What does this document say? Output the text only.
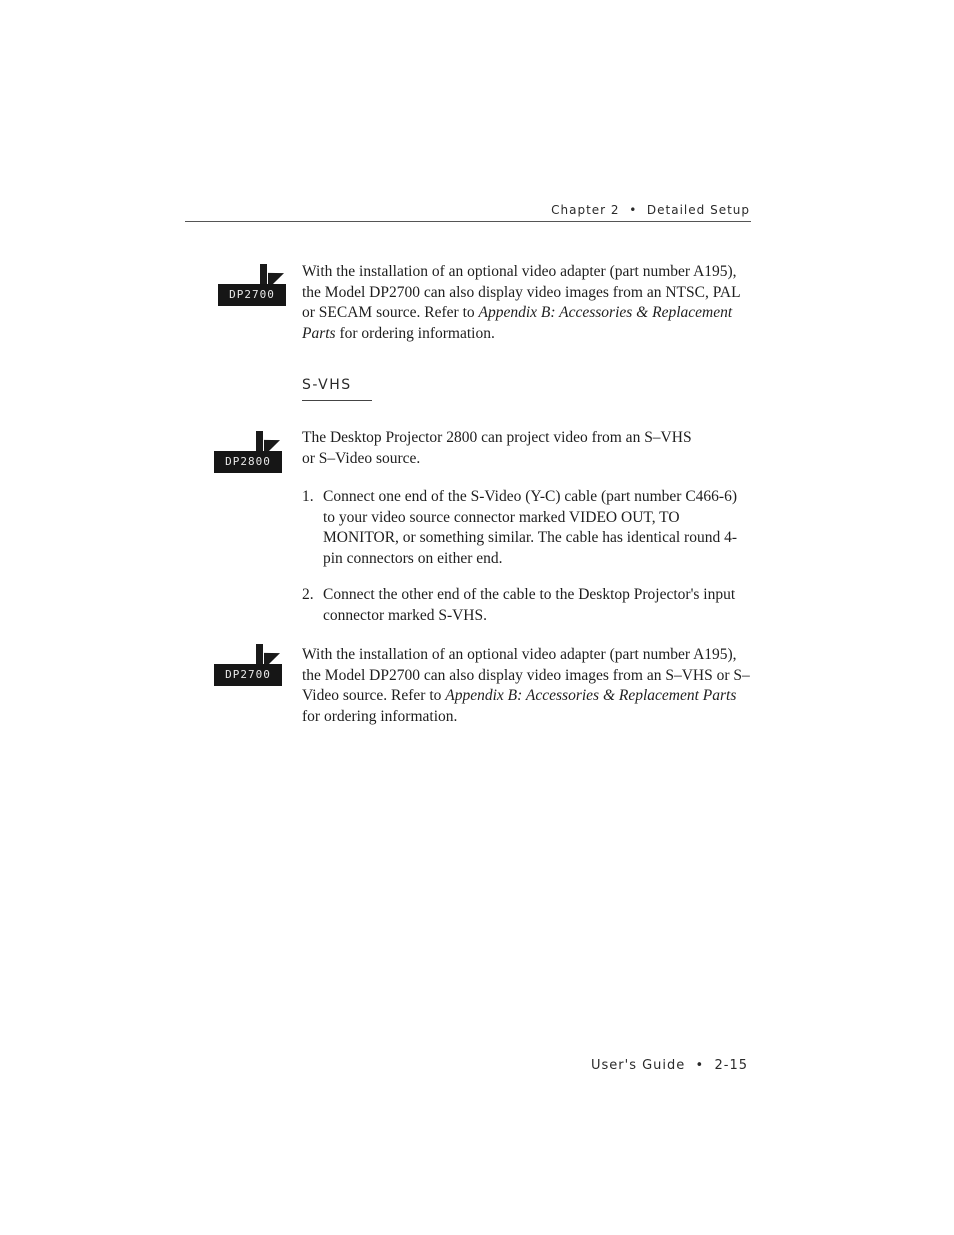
Chapter 2 • Detailed Setup
DP2700
With the installation of an optional video adapter (part number A195), the Model DP2700 can also display video images from an NTSC, PAL or SECAM source. Refer to Appendix B: Accessories & Replacement Parts for ordering information.
S-VHS
DP2800
The Desktop Projector 2800 can project video from an S–VHS or S–Video source.
1. Connect one end of the S-Video (Y-C) cable (part number C466-6) to your video source connector marked VIDEO OUT, TO MONITOR, or something similar. The cable has identical round 4-pin connectors on either end.
2. Connect the other end of the cable to the Desktop Projector's input connector marked S-VHS.
DP2700
With the installation of an optional video adapter (part number A195), the Model DP2700 can also display video images from an S–VHS or S–Video source. Refer to Appendix B: Accessories & Replacement Parts for ordering information.
User's Guide • 2-15
